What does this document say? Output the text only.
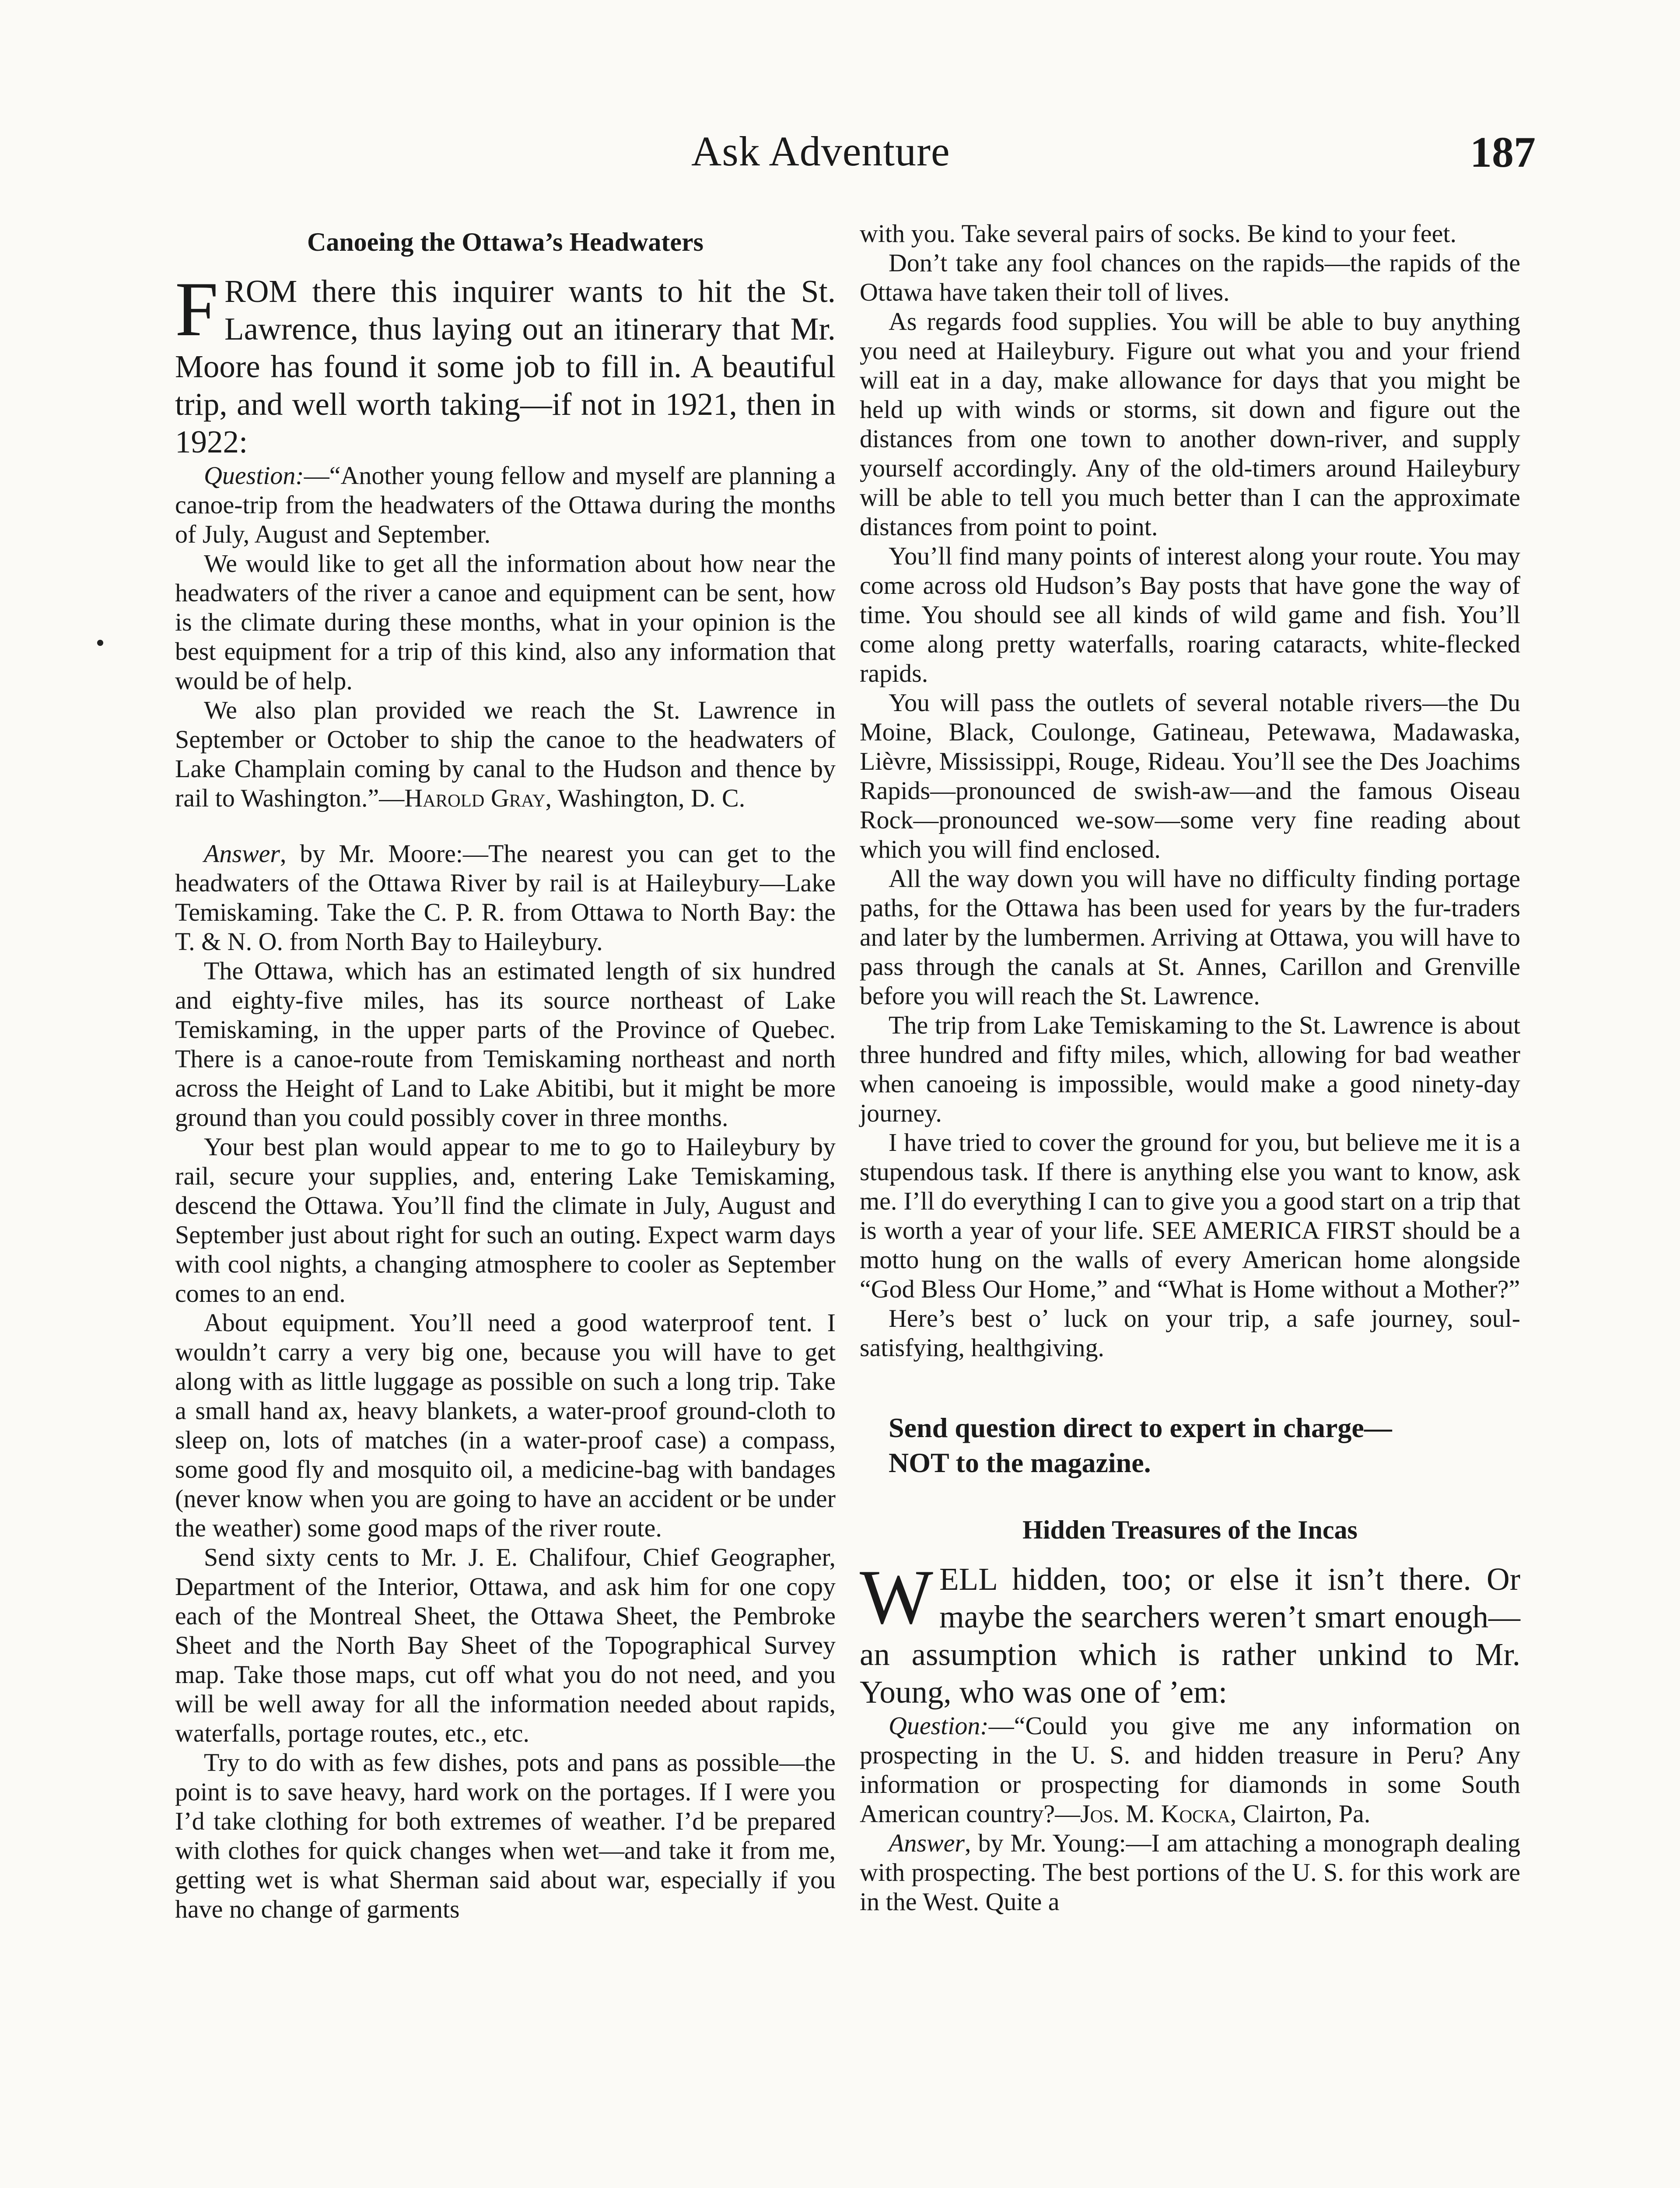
Ask Adventure	187
Canoeing the Ottawa’s Headwaters

FROM there this inquirer wants to hit the St. Lawrence, thus laying out an itinerary that Mr. Moore has found it some job to fill in. A beautiful trip, and well worth taking—if not in 1921, then in 1922:

Question:—“Another young fellow and myself are planning a canoe-trip from the headwaters of the Ottawa during the months of July, August and September.

We would like to get all the information about how near the headwaters of the river a canoe and equipment can be sent, how is the climate during these months, what in your opinion is the best equipment for a trip of this kind, also any information that would be of help.

We also plan provided we reach the St. Lawrence in September or October to ship the canoe to the headwaters of Lake Champlain coming by canal to the Hudson and thence by rail to Washington.”—Harold Gray, Washington, D. C.

Answer, by Mr. Moore:—The nearest you can get to the headwaters of the Ottawa River by rail is at Haileybury—Lake Temiskaming. Take the C. P. R. from Ottawa to North Bay: the T. & N. O. from North Bay to Haileybury.

The Ottawa, which has an estimated length of six hundred and eighty-five miles, has its source northeast of Lake Temiskaming, in the upper parts of the Province of Quebec. There is a canoe-route from Temiskaming northeast and north across the Height of Land to Lake Abitibi, but it might be more ground than you could possibly cover in three months.

Your best plan would appear to me to go to Haileybury by rail, secure your supplies, and, entering Lake Temiskaming, descend the Ottawa. You’ll find the climate in July, August and September just about right for such an outing. Expect warm days with cool nights, a changing atmosphere to cooler as September comes to an end.

About equipment. You’ll need a good waterproof tent. I wouldn’t carry a very big one, because you will have to get along with as little luggage as possible on such a long trip. Take a small hand ax, heavy blankets, a water-proof ground-cloth to sleep on, lots of matches (in a water-proof case) a compass, some good fly and mosquito oil, a medicine-bag with bandages (never know when you are going to have an accident or be under the weather) some good maps of the river route.

Send sixty cents to Mr. J. E. Chalifour, Chief Geographer, Department of the Interior, Ottawa, and ask him for one copy each of the Montreal Sheet, the Ottawa Sheet, the Pembroke Sheet and the North Bay Sheet of the Topographical Survey map. Take those maps, cut off what you do not need, and you will be well away for all the information needed about rapids, waterfalls, portage routes, etc., etc.

Try to do with as few dishes, pots and pans as possible—the point is to save heavy, hard work on the portages. If I were you I’d take clothing for both extremes of weather. I’d be prepared with clothes for quick changes when wet—and take it from me, getting wet is what Sherman said about war, especially if you have no change of garments

with you. Take several pairs of socks. Be kind to your feet.

Don’t take any fool chances on the rapids—the rapids of the Ottawa have taken their toll of lives.

As regards food supplies. You will be able to buy anything you need at Haileybury. Figure out what you and your friend will eat in a day, make allowance for days that you might be held up with winds or storms, sit down and figure out the distances from one town to another down-river, and supply yourself accordingly. Any of the old-timers around Haileybury will be able to tell you much better than I can the approximate distances from point to point.

You’ll find many points of interest along your route. You may come across old Hudson’s Bay posts that have gone the way of time. You should see all kinds of wild game and fish. You’ll come along pretty waterfalls, roaring cataracts, white-flecked rapids.

You will pass the outlets of several notable rivers—the Du Moine, Black, Coulonge, Gatineau, Petewawa, Madawaska, Lièvre, Mississippi, Rouge, Rideau. You’ll see the Des Joachims Rapids—pronounced de swish-aw—and the famous Oiseau Rock—pronounced we-sow—some very fine reading about which you will find enclosed.

All the way down you will have no difficulty finding portage paths, for the Ottawa has been used for years by the fur-traders and later by the lumbermen. Arriving at Ottawa, you will have to pass through the canals at St. Annes, Carillon and Grenville before you will reach the St. Lawrence.

The trip from Lake Temiskaming to the St. Lawrence is about three hundred and fifty miles, which, allowing for bad weather when canoeing is impossible, would make a good ninety-day journey.

I have tried to cover the ground for you, but believe me it is a stupendous task. If there is anything else you want to know, ask me. I’ll do everything I can to give you a good start on a trip that is worth a year of your life. SEE AMERICA FIRST should be a motto hung on the walls of every American home alongside “God Bless Our Home,” and “What is Home without a Mother?”

Here’s best o’ luck on your trip, a safe journey, soul-satisfying, healthgiving.

Send question direct to expert in charge—

NOT to the magazine.

Hidden Treasures of the Incas

WELL hidden, too; or else it isn’t there. Or maybe the searchers weren’t smart enough—an assumption which is rather unkind to Mr. Young, who was one of ’em:

Question:—“Could you give me any information on prospecting in the U. S. and hidden treasure in Peru? Any information or prospecting for diamonds in some South American country?—Jos. M. Kocka, Clairton, Pa.

Answer, by Mr. Young:—I am attaching a monograph dealing with prospecting. The best portions of the U. S. for this work are in the West. Quite a
